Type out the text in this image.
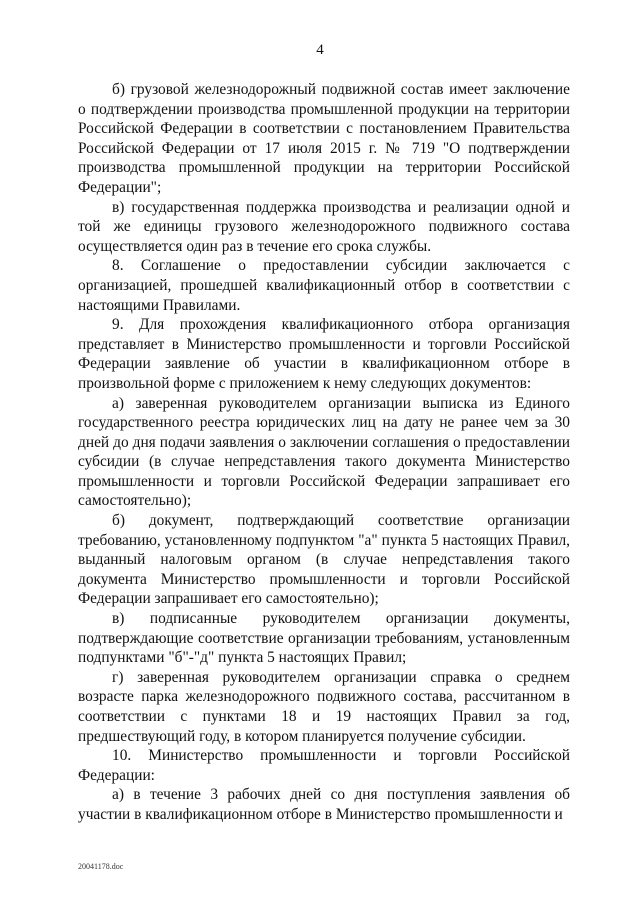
4

б) грузовой железнодорожный подвижной состав имеет заключение о подтверждении производства промышленной продукции на территории Российской Федерации в соответствии с постановлением Правительства Российской Федерации от 17 июля 2015 г. № 719 "О подтверждении производства промышленной продукции на территории Российской Федерации";

в) государственная поддержка производства и реализации одной и той же единицы грузового железнодорожного подвижного состава осуществляется один раз в течение его срока службы.

8. Соглашение о предоставлении субсидии заключается с организацией, прошедшей квалификационный отбор в соответствии с настоящими Правилами.

9. Для прохождения квалификационного отбора организация представляет в Министерство промышленности и торговли Российской Федерации заявление об участии в квалификационном отборе в произвольной форме с приложением к нему следующих документов:

а) заверенная руководителем организации выписка из Единого государственного реестра юридических лиц на дату не ранее чем за 30 дней до дня подачи заявления о заключении соглашения о предоставлении субсидии (в случае непредставления такого документа Министерство промышленности и торговли Российской Федерации запрашивает его самостоятельно);

б) документ, подтверждающий соответствие организации требованию, установленному подпунктом "а" пункта 5 настоящих Правил, выданный налоговым органом (в случае непредставления такого документа Министерство промышленности и торговли Российской Федерации запрашивает его самостоятельно);

в) подписанные руководителем организации документы, подтверждающие соответствие организации требованиям, установленным подпунктами "б"-"д" пункта 5 настоящих Правил;

г) заверенная руководителем организации справка о среднем возрасте парка железнодорожного подвижного состава, рассчитанном в соответствии с пунктами 18 и 19 настоящих Правил за год, предшествующий году, в котором планируется получение субсидии.

10. Министерство промышленности и торговли Российской Федерации:

а) в течение 3 рабочих дней со дня поступления заявления об участии в квалификационном отборе в Министерство промышленности и

20041178.doc
